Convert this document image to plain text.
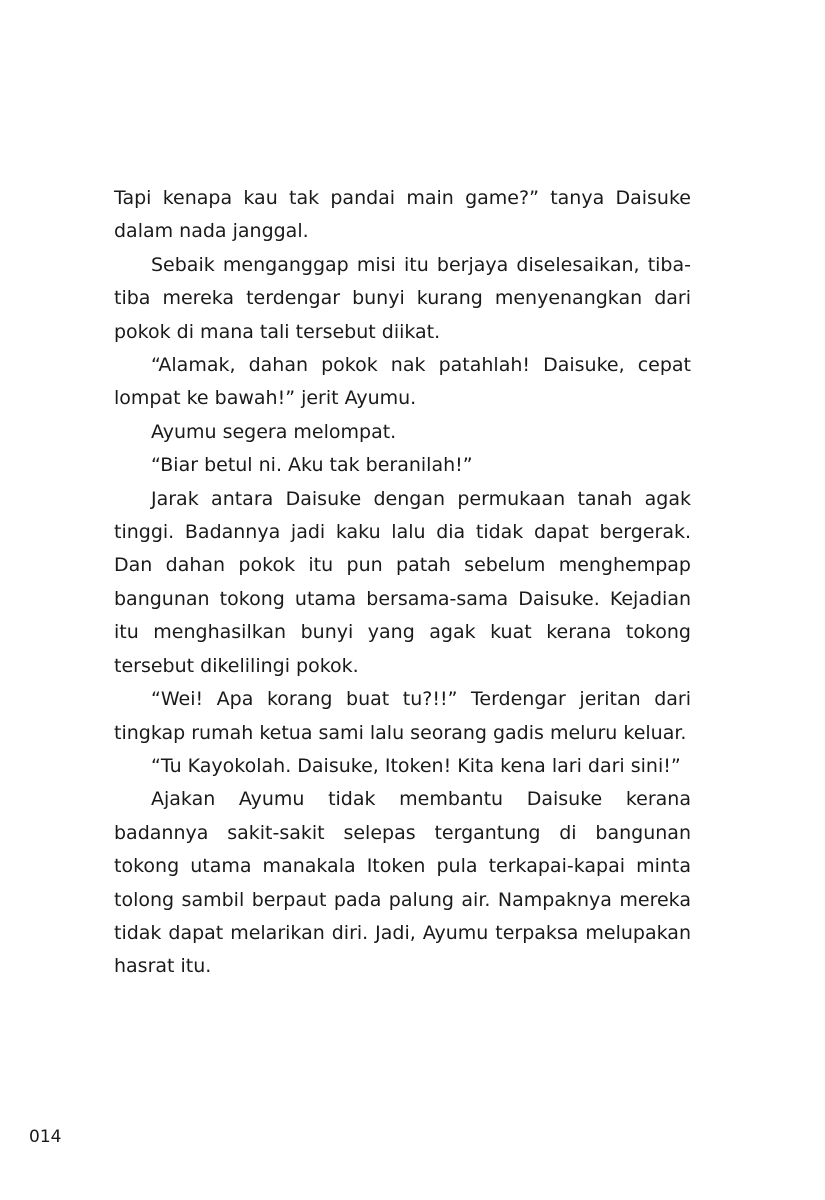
Tapi kenapa kau tak pandai main game?” tanya Daisuke dalam nada janggal.

Sebaik menganggap misi itu berjaya diselesaikan, tiba-tiba mereka terdengar bunyi kurang menyenangkan dari pokok di mana tali tersebut diikat.

“Alamak, dahan pokok nak patahlah! Daisuke, cepat lompat ke bawah!” jerit Ayumu.

Ayumu segera melompat.

“Biar betul ni. Aku tak beranilah!”

Jarak antara Daisuke dengan permukaan tanah agak tinggi. Badannya jadi kaku lalu dia tidak dapat bergerak. Dan dahan pokok itu pun patah sebelum menghempap bangunan tokong utama bersama-sama Daisuke. Kejadian itu menghasilkan bunyi yang agak kuat kerana tokong tersebut dikelilingi pokok.

“Wei! Apa korang buat tu?!!” Terdengar jeritan dari tingkap rumah ketua sami lalu seorang gadis meluru keluar.

“Tu Kayokolah. Daisuke, Itoken! Kita kena lari dari sini!”

Ajakan Ayumu tidak membantu Daisuke kerana badannya sakit-sakit selepas tergantung di bangunan tokong utama manakala Itoken pula terkapai-kapai minta tolong sambil berpaut pada palung air. Nampaknya mereka tidak dapat melarikan diri. Jadi, Ayumu terpaksa melupakan hasrat itu.

014
